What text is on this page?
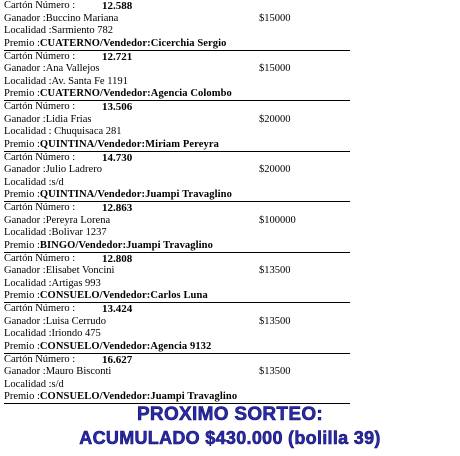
Cartón Número : 12.588
Ganador :Buccino Mariana	$15000
Localidad :Sarmiento 782
Premio :CUATERNO/Vendedor:Cicerchia Sergio
Cartón Número : 12.721
Ganador :Ana Vallejos	$15000
Localidad :Av. Santa Fe 1191
Premio :CUATERNO/Vendedor:Agencia Colombo
Cartón Número : 13.506
Ganador :Lidia Frias	$20000
Localidad : Chuquisaca 281
Premio :QUINTINA/Vendedor:Miriam Pereyra
Cartón Número : 14.730
Ganador :Julio Ladrero	$20000
Localidad :s/d
Premio :QUINTINA/Vendedor:Juampi Travaglino
Cartón Número : 12.863
Ganador :Pereyra Lorena	$100000
Localidad :Bolivar 1237
Premio :BINGO/Vendedor:Juampi Travaglino
Cartón Número : 12.808
Ganador :Elisabet Voncini	$13500
Localidad :Artigas 993
Premio :CONSUELO/Vendedor:Carlos Luna
Cartón Número : 13.424
Ganador :Luisa Cerrudo	$13500
Localidad :Iriondo 475
Premio :CONSUELO/Vendedor:Agencia 9132
Cartón Número : 16.627
Ganador :Mauro Bisconti	$13500
Localidad :s/d
Premio :CONSUELO/Vendedor:Juampi Travaglino
PROXIMO SORTEO:
ACUMULADO $430.000 (bolilla 39)
